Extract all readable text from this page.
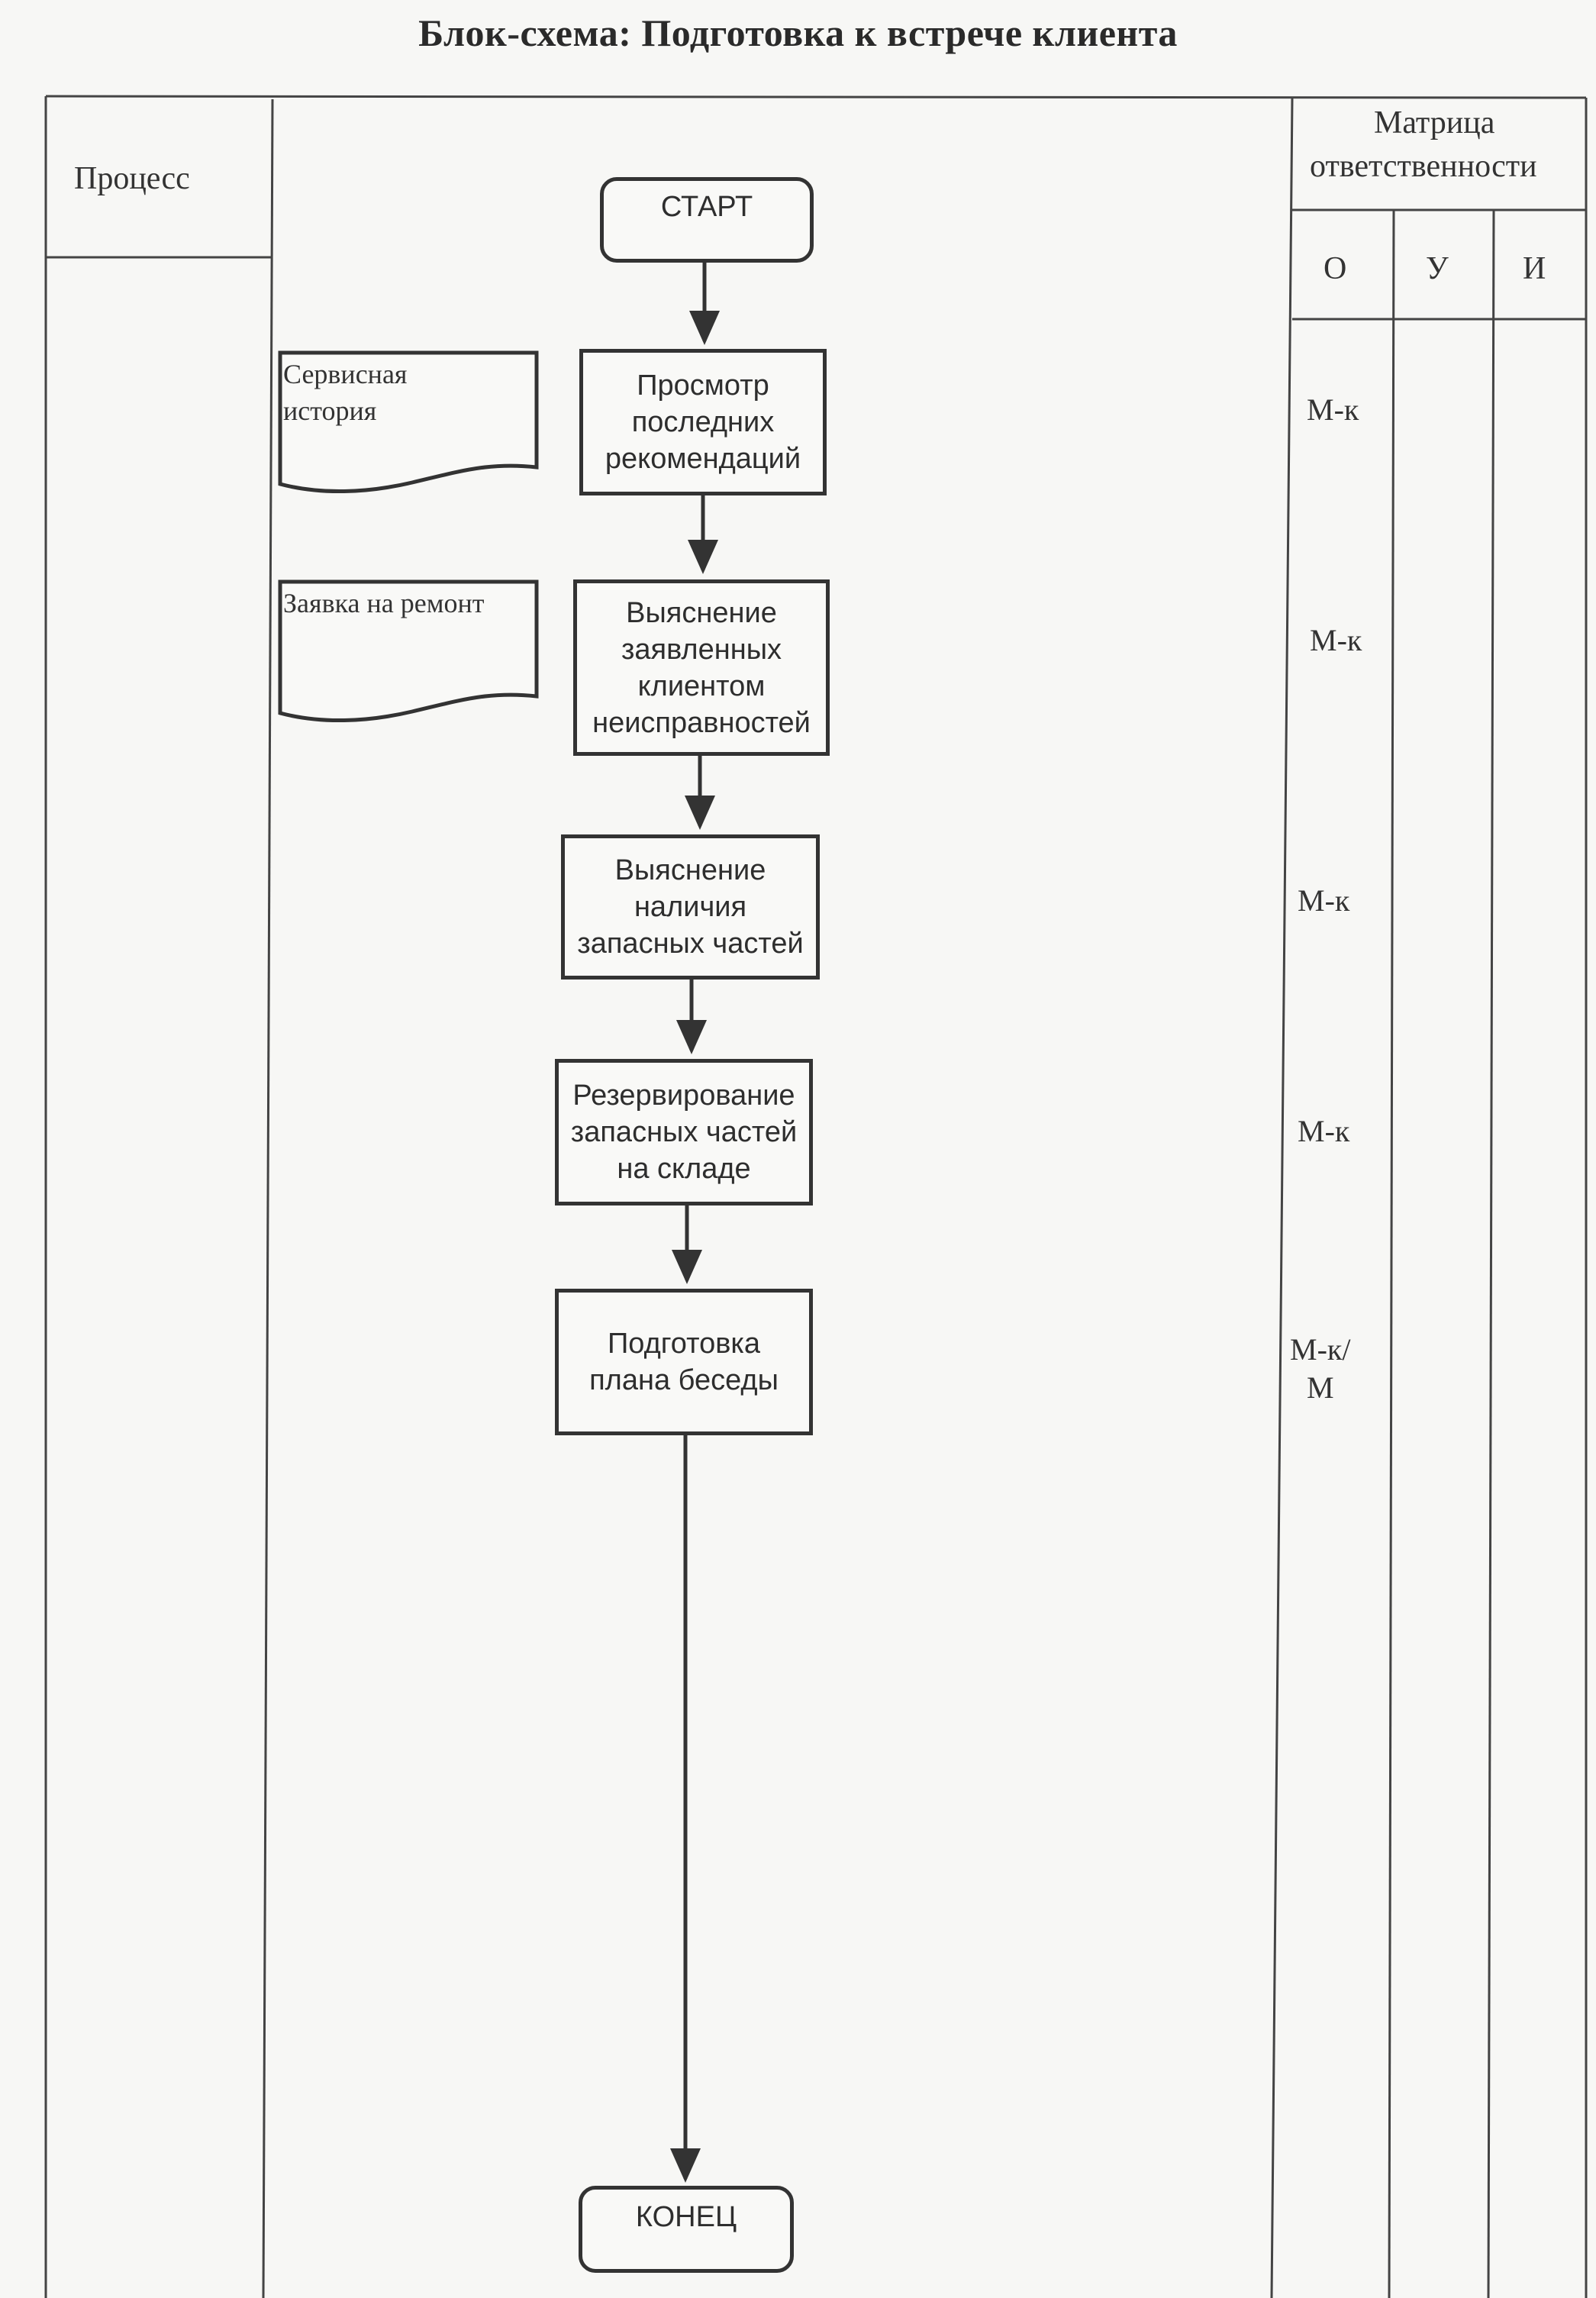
Блок-схема: Подготовка к встрече клиента
Процесс
Матрица
ответственности
О У И
СТАРТ
Просмотр
последних
рекомендаций
Выяснение
заявленных
клиентом
неисправностей
Выяснение
наличия
запасных частей
Резервирование
запасных частей
на складе
Подготовка
плана беседы
КОНЕЦ
Сервисная
история
Заявка на ремонт
М-к
М-к
М-к
М-к
М-к/
М
